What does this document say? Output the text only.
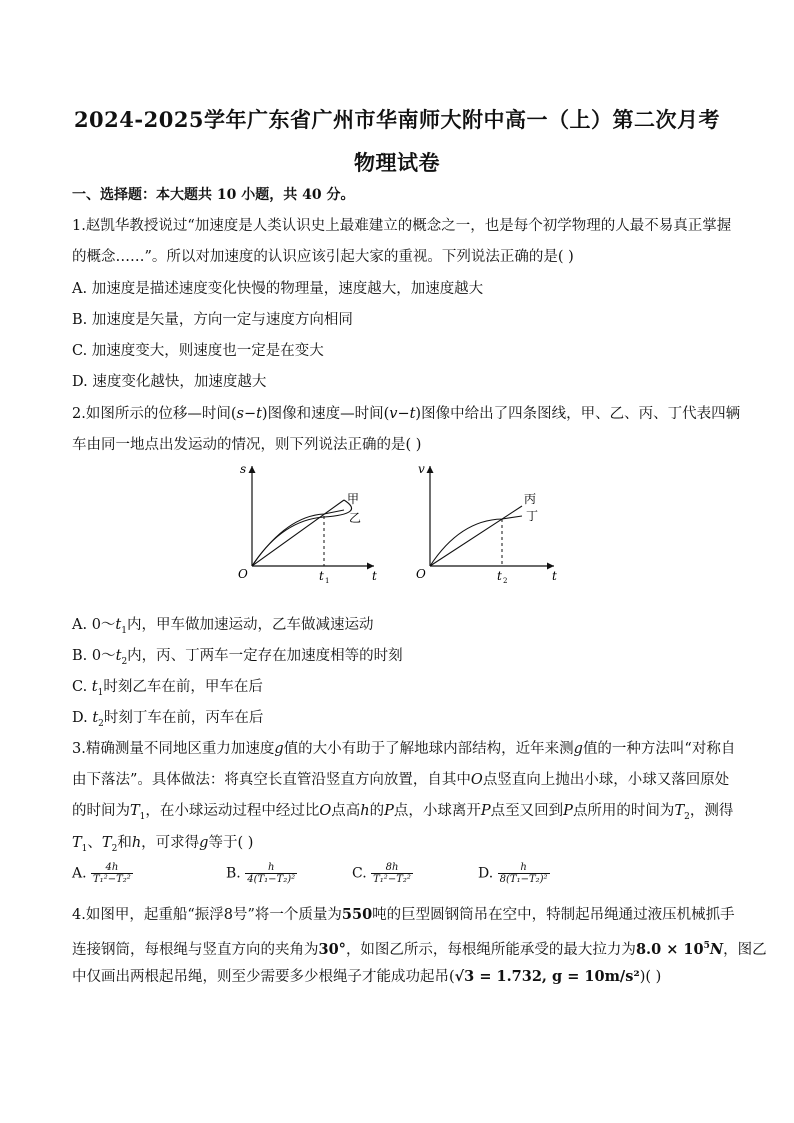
2024-2025学年广东省广州市华南师大附中高一（上）第二次月考
物理试卷
一、选择题：本大题共 10 小题，共 40 分。
1.赵凯华教授说过“加速度是人类认识史上最难建立的概念之一，也是每个初学物理的人最不易真正掌握
的概念……”。所以对加速度的认识应该引起大家的重视。下列说法正确的是( )
A. 加速度是描述速度变化快慢的物理量，速度越大，加速度越大
B. 加速度是矢量，方向一定与速度方向相同
C. 加速度变大，则速度也一定是在变大
D. 速度变化越快，加速度越大
2.如图所示的位移—时间(s−t)图像和速度—时间(v−t)图像中给出了四条图线，甲、乙、丙、丁代表四辆
车由同一地点出发运动的情况，则下列说法正确的是( )
s
t
O	t 1
甲
乙
v
t
O	t 2
丙
丁
A. $0\sim t_1$内，甲车做加速运动，乙车做减速运动
B. $0\sim t_2$内，丙、丁两车一定存在加速度相等的时刻
C. $t_1$时刻乙车在前，甲车在后
D. $t_2$时刻丁车在前，丙车在后
3.精确测量不同地区重力加速度g值的大小有助于了解地球内部结构，近年来测g值的一种方法叫“对称自
由下落法”。具体做法：将真空长直管沿竖直方向放置，自其中O点竖直向上抛出小球，小球又落回原处
的时间为$T_1$，在小球运动过程中经过比O点高h的P点，小球离开P点至又回到P点所用的时间为$T_2$，测得
$T_1$、$T_2$和h，可求得g等于( )
A. $\frac{4h}{\text{T₁²−T₂²}}$	B. $\frac{h}{\text{4(T₁−T₂)²}}$	C. $\frac{8h}{\text{T₁²−T₂²}}$	D. $\frac{h}{\text{8(T₁−T₂)²}}$
4.如图甲，起重船“振浮8号”将一个质量为550吨的巨型圆钢筒吊在空中，特制起吊绳通过液压机械抓手
连接钢筒，每根绳与竖直方向的夹角为30°，如图乙所示，每根绳所能承受的最大拉力为$8.0 \times 10^5N$，图乙
中仅画出两根起吊绳，则至少需要多少根绳子才能成功起吊(√3 = 1.732, g = 10m/s²)( )
